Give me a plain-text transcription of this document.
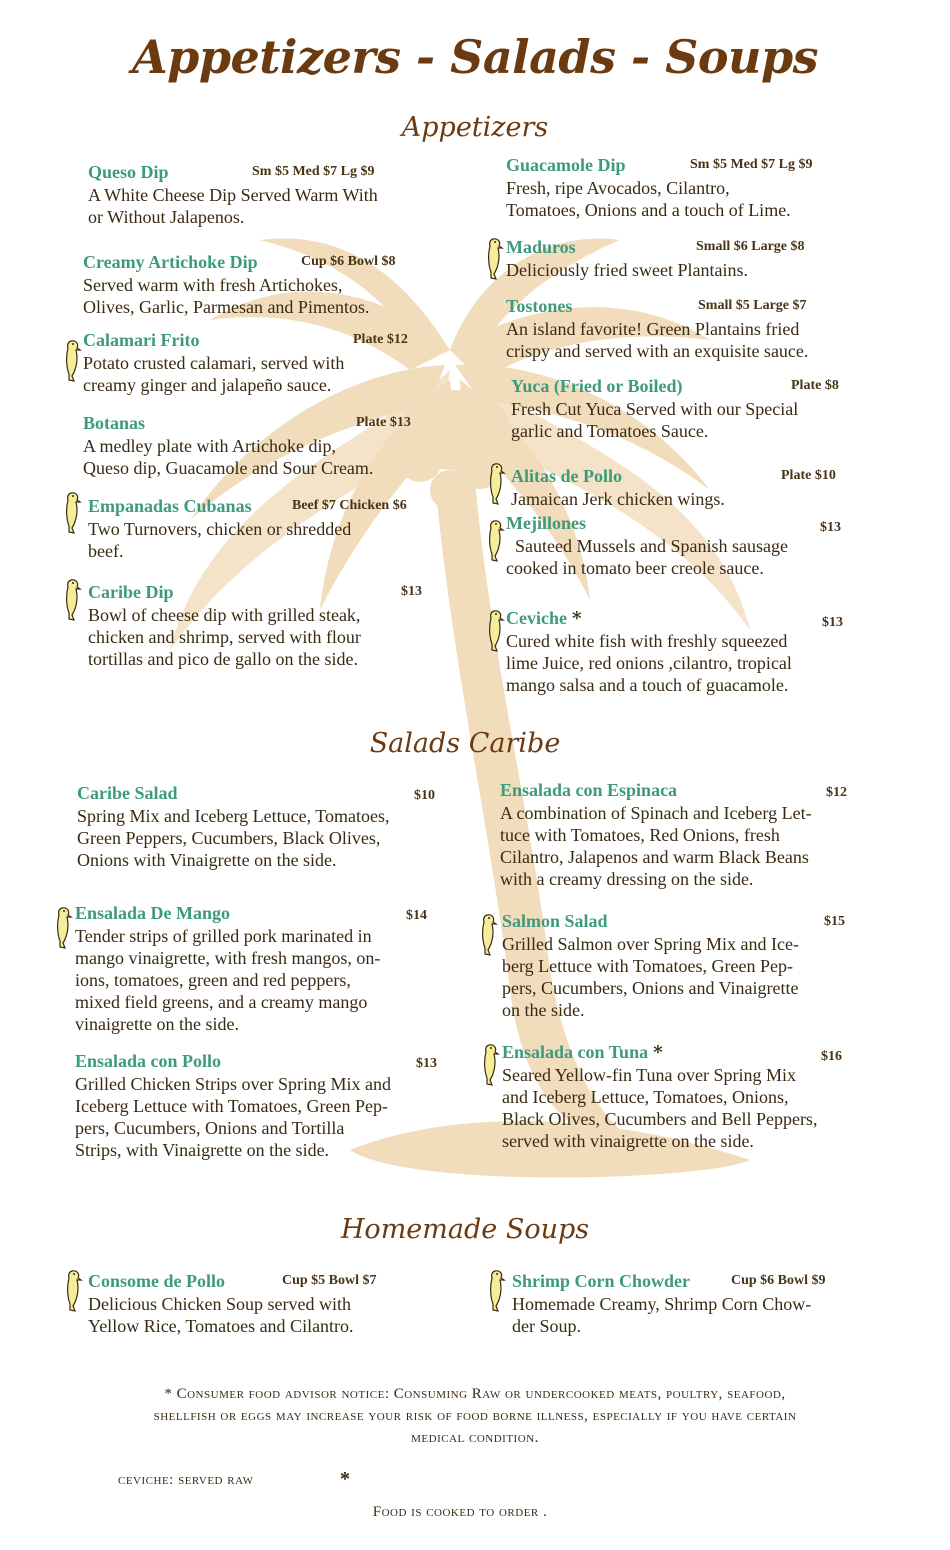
Appetizers - Salads - Soups
Appetizers
Salads Caribe
Homemade Soups
Queso Dip	Sm $5 Med $7 Lg $9
A White Cheese Dip Served Warm With
or Without Jalapenos.
Creamy Artichoke Dip	Cup $6 Bowl $8
Served warm with fresh Artichokes,
Olives, Garlic, Parmesan and Pimentos.
Calamari Frito	Plate $12
Potato crusted calamari, served with
creamy ginger and jalapeño sauce.
Botanas	Plate $13
A medley plate with Artichoke dip,
Queso dip, Guacamole and Sour Cream.
Empanadas Cubanas	Beef $7 Chicken $6
Two Turnovers, chicken or shredded
beef.
Caribe Dip	$13
Bowl of cheese dip with grilled steak,
chicken and shrimp, served with flour
tortillas and pico de gallo on the side.
Guacamole Dip	Sm $5 Med $7 Lg $9
Fresh, ripe Avocados, Cilantro,
Tomatoes, Onions and a touch of Lime.
Maduros	Small $6 Large $8
Deliciously fried sweet Plantains.
Tostones	Small $5 Large $7
An island favorite! Green Plantains fried
crispy and served with an exquisite sauce.
Yuca (Fried or Boiled)	Plate $8
Fresh Cut Yuca Served with our Special
garlic and Tomatoes Sauce.
Alitas de Pollo	Plate $10
Jamaican Jerk chicken wings.
Mejillones	$13
Sauteed Mussels and Spanish sausage
cooked in tomato beer creole sauce.
Ceviche *	$13
Cured white fish with freshly squeezed
lime Juice, red onions ,cilantro, tropical
mango salsa and a touch of guacamole.
Caribe Salad	$10
Spring Mix and Iceberg Lettuce, Tomatoes,
Green Peppers, Cucumbers, Black Olives,
Onions with Vinaigrette on the side.
Ensalada De Mango	$14
Tender strips of grilled pork marinated in
mango vinaigrette, with fresh mangos, on-
ions, tomatoes, green and red peppers,
mixed field greens, and a creamy mango
vinaigrette on the side.
Ensalada con Pollo	$13
Grilled Chicken Strips over Spring Mix and
Iceberg Lettuce with Tomatoes, Green Pep-
pers, Cucumbers, Onions and Tortilla
Strips, with Vinaigrette on the side.
Ensalada con Espinaca	$12
A combination of Spinach and Iceberg Let-
tuce with Tomatoes, Red Onions, fresh
Cilantro, Jalapenos and warm Black Beans
with a creamy dressing on the side.
Salmon Salad	$15
Grilled Salmon over Spring Mix and Ice-
berg Lettuce with Tomatoes, Green Pep-
pers, Cucumbers, Onions and Vinaigrette
on the side.
Ensalada con Tuna *	$16
Seared Yellow-fin Tuna over Spring Mix
and Iceberg Lettuce, Tomatoes, Onions,
Black Olives, Cucumbers and Bell Peppers,
served with vinaigrette on the side.
Consome de Pollo	Cup $5 Bowl $7
Delicious Chicken Soup served with
Yellow Rice, Tomatoes and Cilantro.
Shrimp Corn Chowder	Cup $6 Bowl $9
Homemade Creamy, Shrimp Corn Chow-
der Soup.
* Consumer food advisor notice: Consuming Raw or undercooked meats, poultry, seafood,
shellfish or eggs may increase your risk of food borne illness, especially if you have certain
medical condition.
ceviche: served raw	*
Food is cooked to order .
